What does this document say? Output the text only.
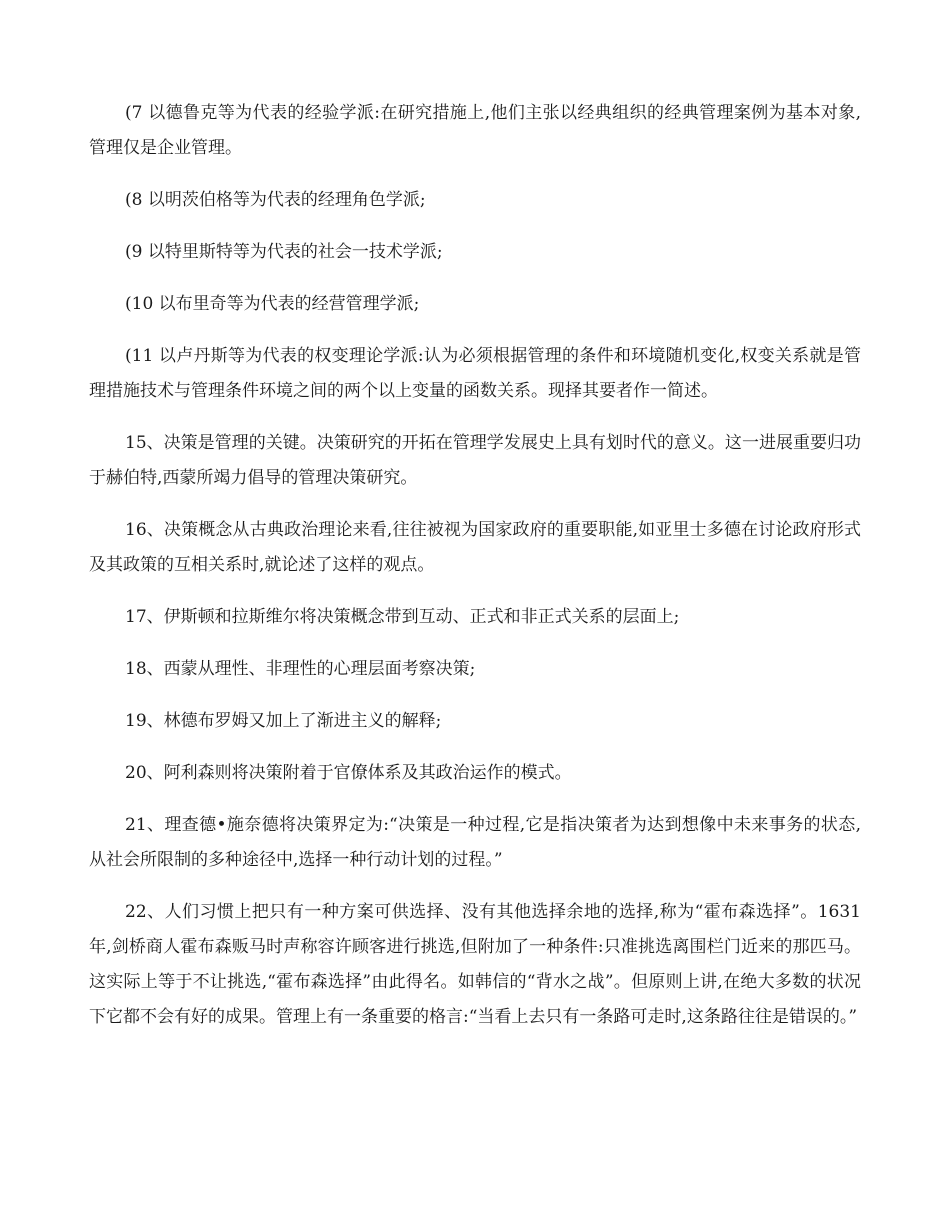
(7 以德鲁克等为代表的经验学派:在研究措施上,他们主张以经典组织的经典管理案例为基本对象,管理仅是企业管理。

(8 以明茨伯格等为代表的经理角色学派;

(9 以特里斯特等为代表的社会一技术学派;

(10 以布里奇等为代表的经营管理学派;

(11 以卢丹斯等为代表的权变理论学派:认为必须根据管理的条件和环境随机变化,权变关系就是管理措施技术与管理条件环境之间的两个以上变量的函数关系。现择其要者作一简述。

15、决策是管理的关键。决策研究的开拓在管理学发展史上具有划时代的意义。这一进展重要归功于赫伯特,西蒙所竭力倡导的管理决策研究。

16、决策概念从古典政治理论来看,往往被视为国家政府的重要职能,如亚里士多德在讨论政府形式及其政策的互相关系时,就论述了这样的观点。

17、伊斯顿和拉斯维尔将决策概念带到互动、正式和非正式关系的层面上;

18、西蒙从理性、非理性的心理层面考察决策;

19、林德布罗姆又加上了渐进主义的解释;

20、阿利森则将决策附着于官僚体系及其政治运作的模式。

21、理查德•施奈德将决策界定为:“决策是一种过程,它是指决策者为达到想像中未来事务的状态,从社会所限制的多种途径中,选择一种行动计划的过程。”

22、人们习惯上把只有一种方案可供选择、没有其他选择余地的选择,称为“霍布森选择”。1631年,剑桥商人霍布森贩马时声称容许顾客进行挑选,但附加了一种条件:只准挑选离围栏门近来的那匹马。这实际上等于不让挑选,“霍布森选择”由此得名。如韩信的“背水之战”。但原则上讲,在绝大多数的状况下它都不会有好的成果。管理上有一条重要的格言:“当看上去只有一条路可走时,这条路往往是错误的。”
